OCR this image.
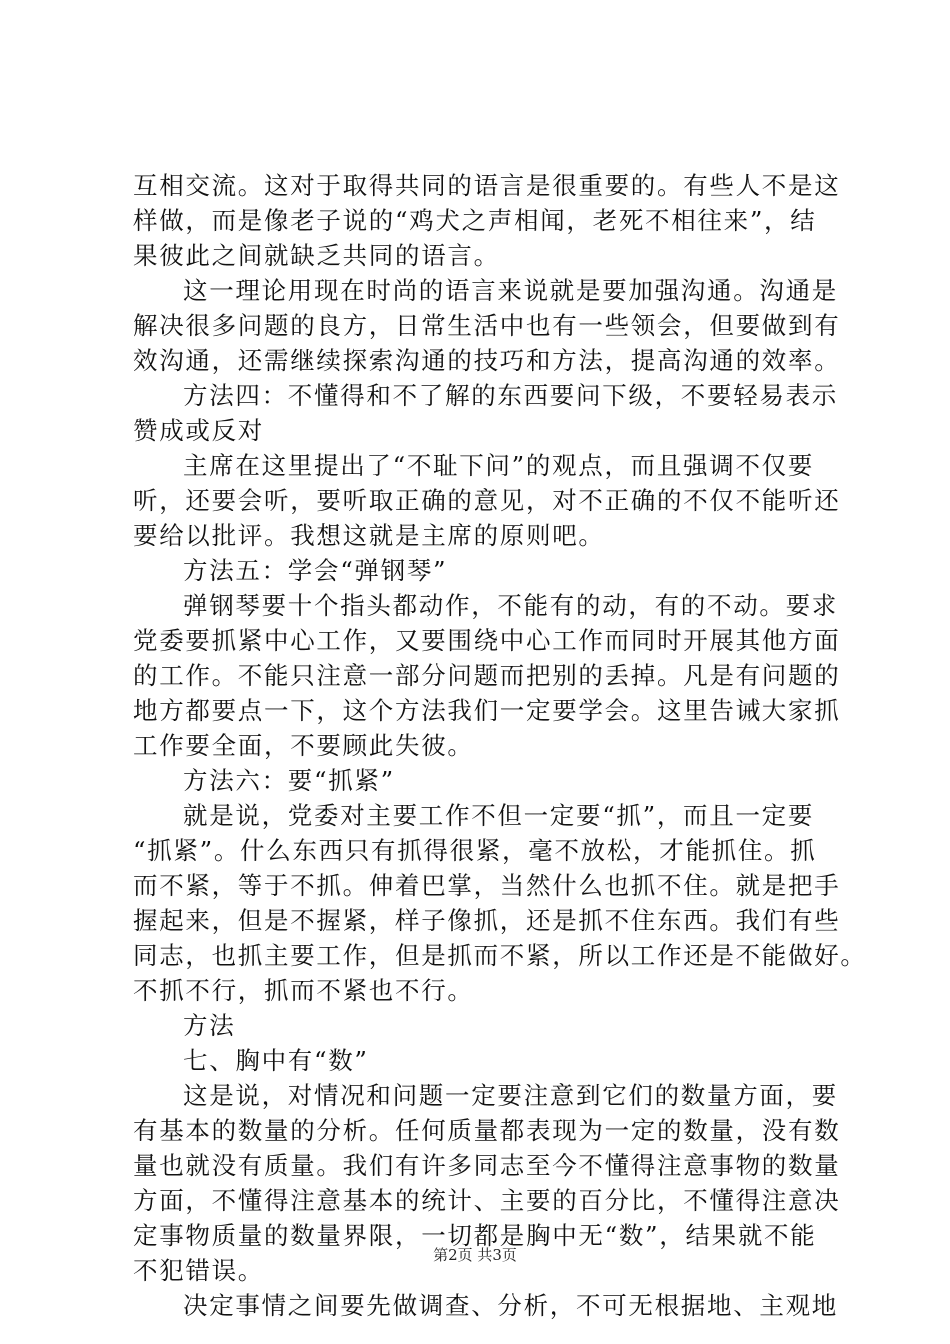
互相交流。这对于取得共同的语言是很重要的。有些人不是这
样做，而是像老子说的“鸡犬之声相闻，老死不相往来”，结
果彼此之间就缺乏共同的语言。
这一理论用现在时尚的语言来说就是要加强沟通。沟通是
解决很多问题的良方，日常生活中也有一些领会，但要做到有
效沟通，还需继续探索沟通的技巧和方法，提高沟通的效率。
方法四：不懂得和不了解的东西要问下级，不要轻易表示
赞成或反对
主席在这里提出了“不耻下问”的观点，而且强调不仅要
听，还要会听，要听取正确的意见，对不正确的不仅不能听还
要给以批评。我想这就是主席的原则吧。
方法五：学会“弹钢琴”
弹钢琴要十个指头都动作，不能有的动，有的不动。要求
党委要抓紧中心工作，又要围绕中心工作而同时开展其他方面
的工作。不能只注意一部分问题而把别的丢掉。凡是有问题的
地方都要点一下，这个方法我们一定要学会。这里告诫大家抓
工作要全面，不要顾此失彼。
方法六：要“抓紧”
就是说，党委对主要工作不但一定要“抓”，而且一定要
“抓紧”。什么东西只有抓得很紧，毫不放松，才能抓住。抓
而不紧，等于不抓。伸着巴掌，当然什么也抓不住。就是把手
握起来，但是不握紧，样子像抓，还是抓不住东西。我们有些
同志，也抓主要工作，但是抓而不紧，所以工作还是不能做好。
不抓不行，抓而不紧也不行。
方法
七、胸中有“数”
这是说，对情况和问题一定要注意到它们的数量方面，要
有基本的数量的分析。任何质量都表现为一定的数量，没有数
量也就没有质量。我们有许多同志至今不懂得注意事物的数量
方面，不懂得注意基本的统计、主要的百分比，不懂得注意决
定事物质量的数量界限，一切都是胸中无“数”，结果就不能
不犯错误。
决定事情之间要先做调查、分析，不可无根据地、主观地
第2页 共3页
